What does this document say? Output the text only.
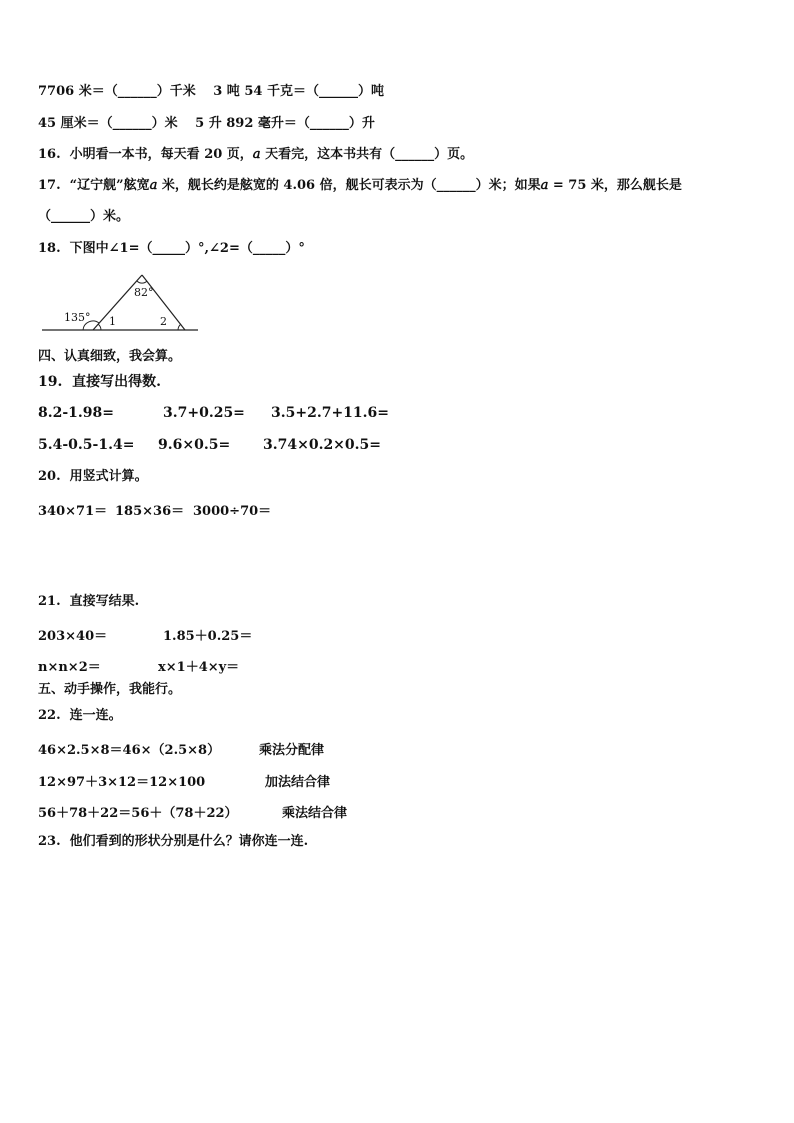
7706 米＝（______）千米　 3 吨 54 千克＝（______）吨
45 厘米＝（______）米　 5 升 892 毫升＝（______）升
16.  小明看一本书，每天看 20 页，𝑎 天看完，这本书共有（______）页。
17.  “辽宁舰”舷宽𝑎 米，舰长约是舷宽的 4.06 倍，舰长可表示为（______）米；如果𝑎 = 75 米，那么舰长是
（______）米。
18.  下图中∠1=（_____）°,∠2=（_____）°
135°
82°
1	2
四、认真细致，我会算。
19.  直接写出得数.
8.2-1.98=	3.7+0.25= 3.5+2.7+11.6=
5.4-0.5-1.4= 9.6×0.5= 3.74×0.2×0.5=
20.  用竖式计算。
340×71＝ 185×36＝ 3000÷70＝
21.  直接写结果.
203×40＝	1.85＋0.25＝
n×n×2＝	x×1＋4×y＝
五、动手操作，我能行。
22.  连一连。
46×2.5×8＝46×（2.5×8）	乘法分配律
12×97＋3×12＝12×100	加法结合律
56＋78＋22＝56＋（78＋22）	乘法结合律
23.  他们看到的形状分别是什么？请你连一连.
